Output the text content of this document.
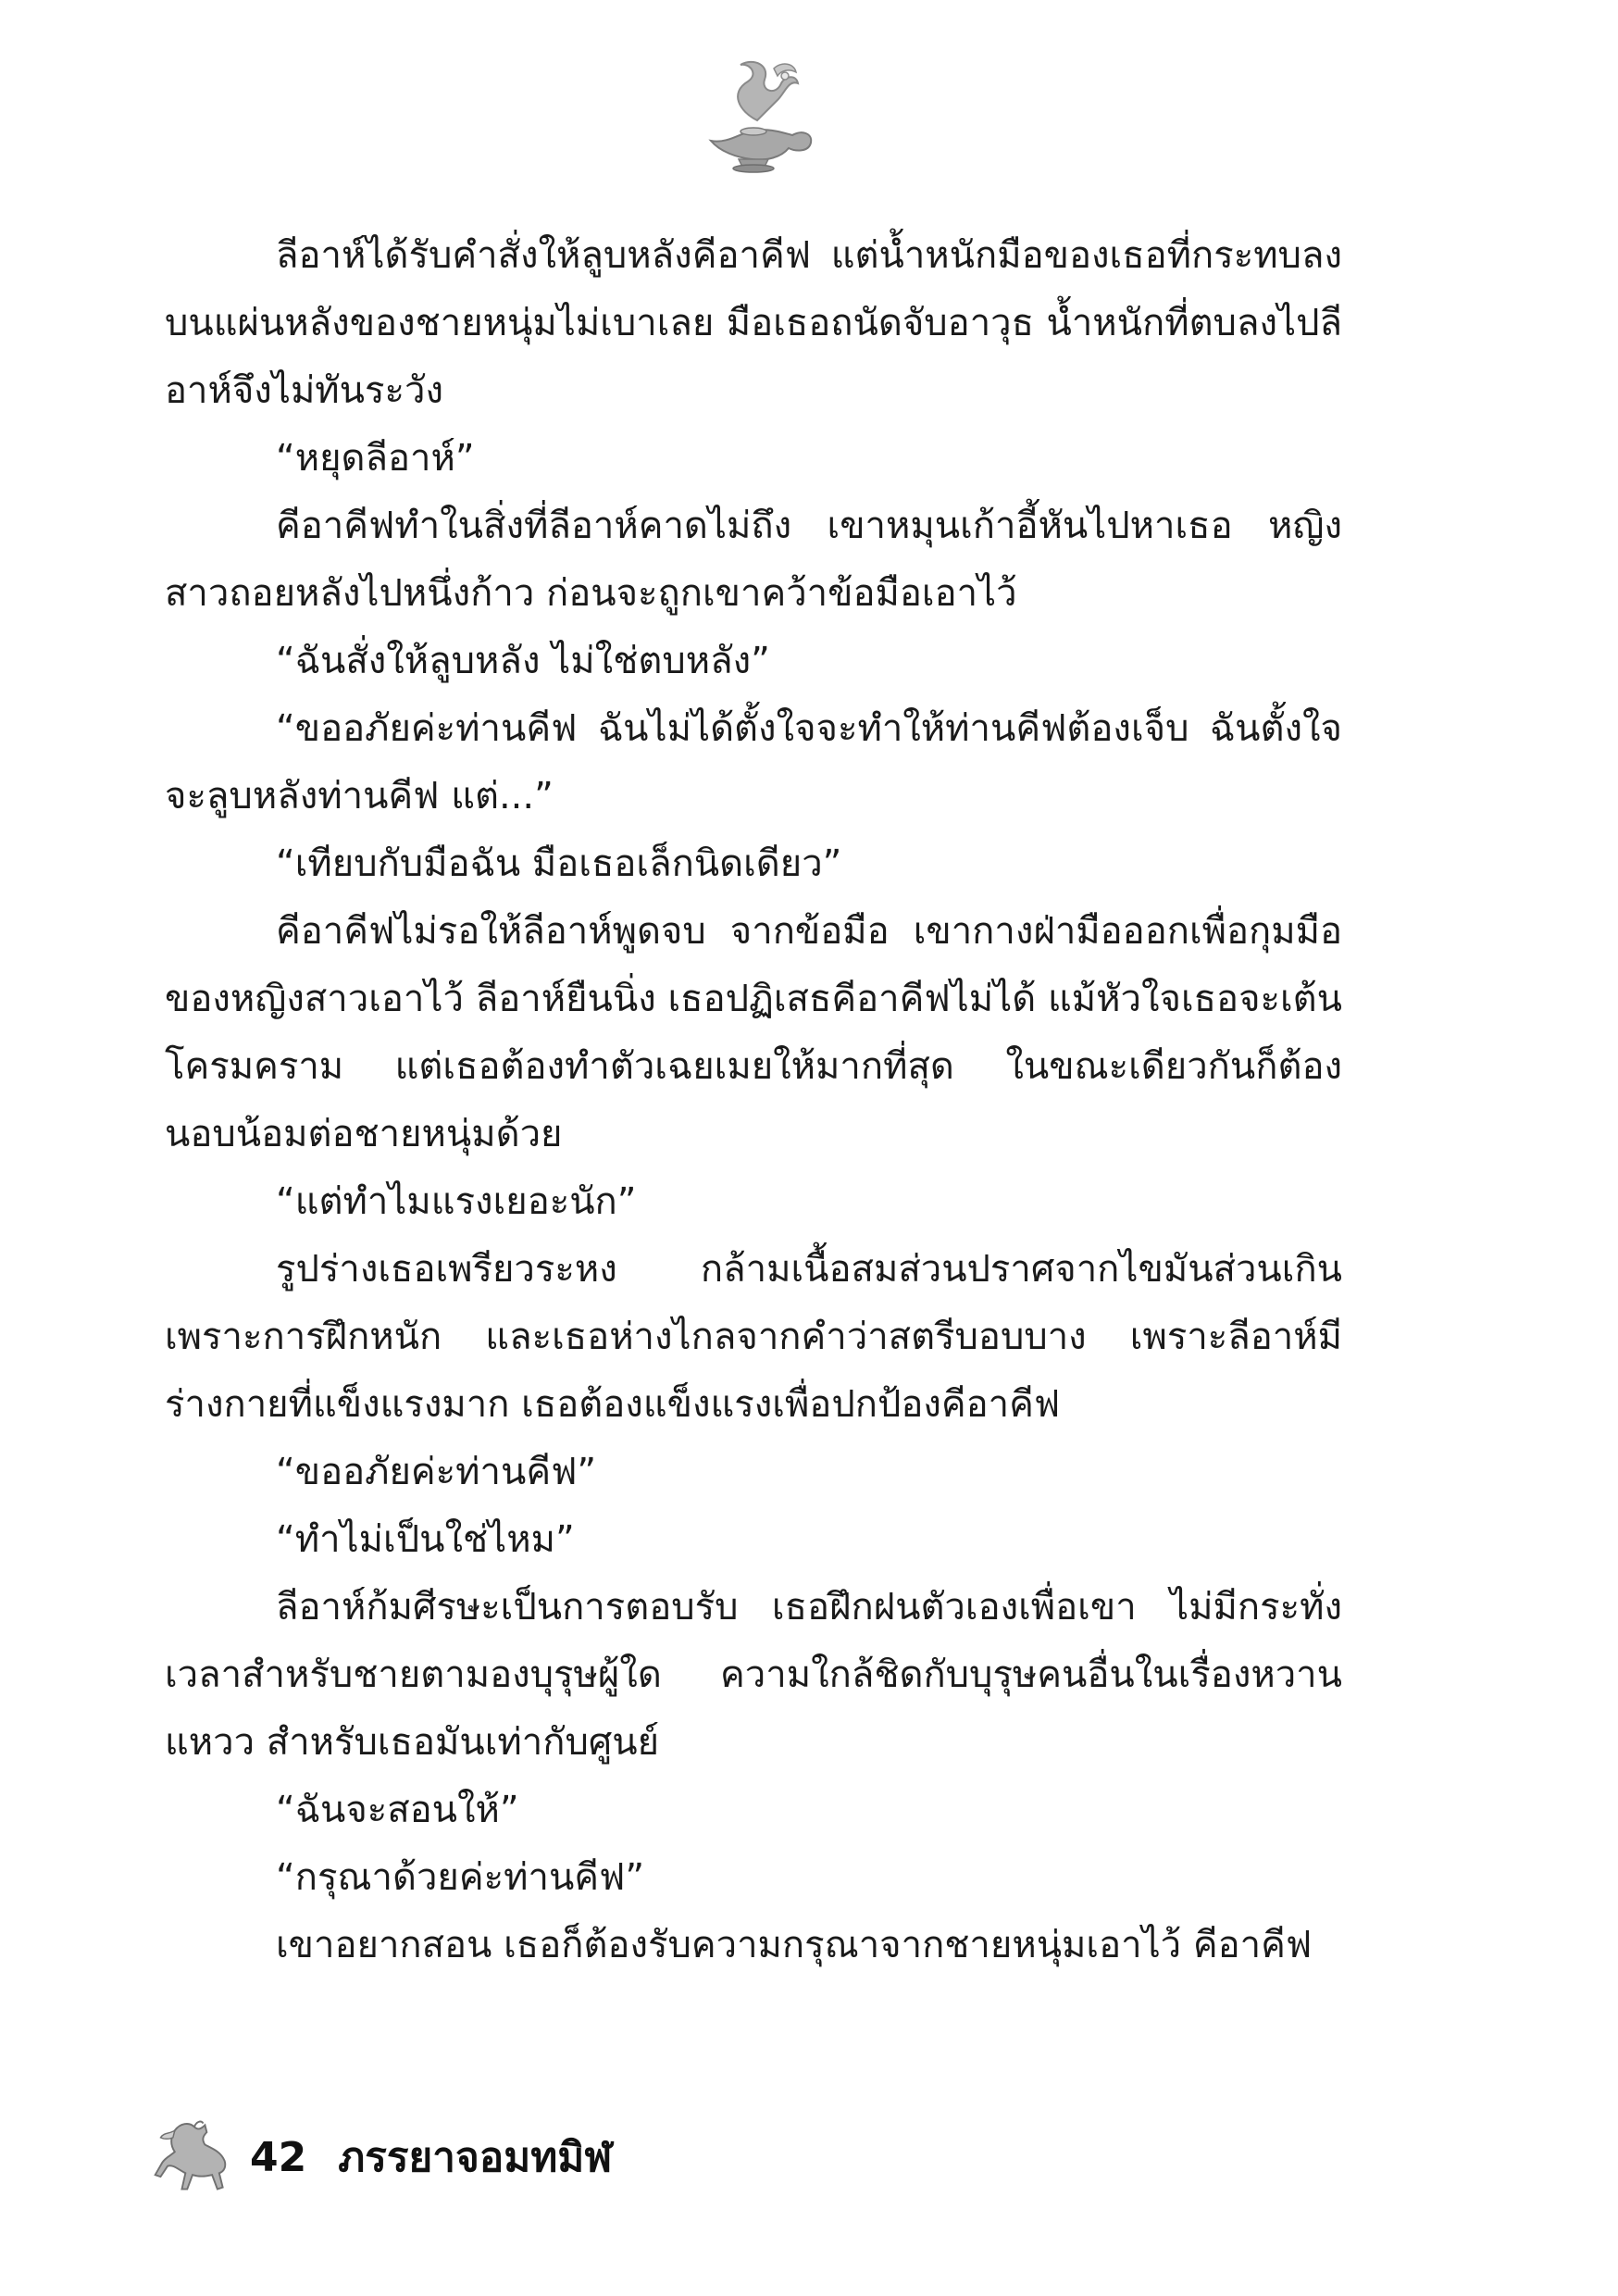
ลีอาห์ได้รับคำสั่งให้ลูบหลังคีอาคีฟ แต่น้ำหนักมือของเธอที่กระทบลงบนแผ่นหลังของชายหนุ่มไม่เบาเลย มือเธอถนัดจับอาวุธ น้ำหนักที่ตบลงไปลีอาห์จึงไม่ทันระวัง

“หยุดลีอาห์”

คีอาคีฟทำในสิ่งที่ลีอาห์คาดไม่ถึง เขาหมุนเก้าอี้หันไปหาเธอ หญิงสาวถอยหลังไปหนึ่งก้าว ก่อนจะถูกเขาคว้าข้อมือเอาไว้

“ฉันสั่งให้ลูบหลัง ไม่ใช่ตบหลัง”

“ขออภัยค่ะท่านคีฟ ฉันไม่ได้ตั้งใจจะทำให้ท่านคีฟต้องเจ็บ ฉันตั้งใจจะลูบหลังท่านคีฟ แต่...”

“เทียบกับมือฉัน มือเธอเล็กนิดเดียว”

คีอาคีฟไม่รอให้ลีอาห์พูดจบ จากข้อมือ เขากางฝ่ามือออกเพื่อกุมมือของหญิงสาวเอาไว้ ลีอาห์ยืนนิ่ง เธอปฏิเสธคีอาคีฟไม่ได้ แม้หัวใจเธอจะเต้นโครมคราม แต่เธอต้องทำตัวเฉยเมยให้มากที่สุด ในขณะเดียวกันก็ต้องนอบน้อมต่อชายหนุ่มด้วย

“แต่ทำไมแรงเยอะนัก”

รูปร่างเธอเพรียวระหง กล้ามเนื้อสมส่วนปราศจากไขมันส่วนเกินเพราะการฝึกหนัก และเธอห่างไกลจากคำว่าสตรีบอบบาง เพราะลีอาห์มีร่างกายที่แข็งแรงมาก เธอต้องแข็งแรงเพื่อปกป้องคีอาคีฟ

“ขออภัยค่ะท่านคีฟ”

“ทำไม่เป็นใช่ไหม”

ลีอาห์ก้มศีรษะเป็นการตอบรับ เธอฝึกฝนตัวเองเพื่อเขา ไม่มีกระทั่งเวลาสำหรับชายตามองบุรุษผู้ใด ความใกล้ชิดกับบุรุษคนอื่นในเรื่องหวานแหวว สำหรับเธอมันเท่ากับศูนย์

“ฉันจะสอนให้”

“กรุณาด้วยค่ะท่านคีฟ”

เขาอยากสอน เธอก็ต้องรับความกรุณาจากชายหนุ่มเอาไว้ คีอาคีฟ

42 ภรรยาจอมทมิฬ
